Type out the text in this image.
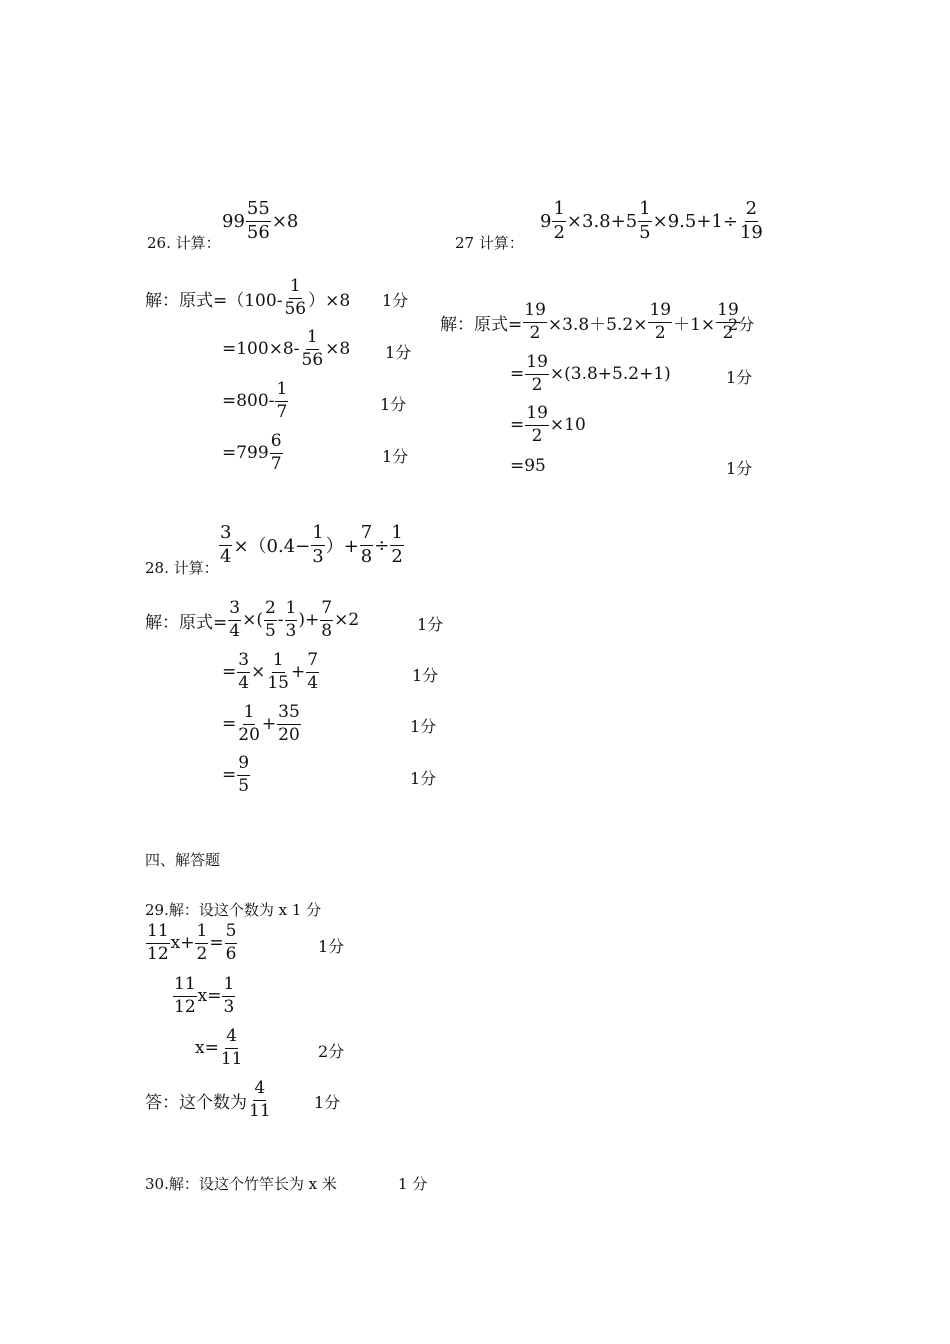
$99 \frac{55}{56} \times 8$
26. 计算：
解：原式$=(100- \frac{1}{56} )\times 8$ 1分
$=100\times 8- \frac{1}{56} \times 8$ 1分
$=800- \frac{1}{7}$	1分
$=799 \frac{6}{7}$	1分
$9 \frac{1}{2} \times 3.8+5 \frac{1}{5} \times 9.5+1\div \frac{2}{19}$
27 计算：
解：原式= $\frac{19}{2} \times 3.8+5.2\times \frac{19}{2} +1\times \frac{19}{2}$
2分
= $\frac{19}{2} \times(3.8+5.2+1)$	1分
= $\frac{19}{2} \times 10$
=95	1分
$\frac{3}{4} \times(0.4- \frac{1}{3}$ ）+ $\frac{7}{8} \div \frac{1}{2}$
28. 计算：
解：原式= $\frac{3}{4}$ ×( $\frac{2}{5} - \frac{1}{3}$ )+ $\frac{7}{8} \times 2$	1分
= $\frac{3}{4} \times \frac{1}{15} + \frac{7}{4}$	1分
= $\frac{1}{20} + \frac{35}{20}$	1分
= $\frac{9}{5}$	1分
四、解答题
29.解：设这个数为 x 1 分
$\frac{11}{12} x+ \frac{1}{2} = \frac{5}{6}$	1分
$\frac{11}{12} x= \frac{1}{3}$
$x= \frac{4}{11}$	2分
答：这个数为 $\frac{4}{11}$	1分
30.解：设这个竹竿长为 x 米	1 分
